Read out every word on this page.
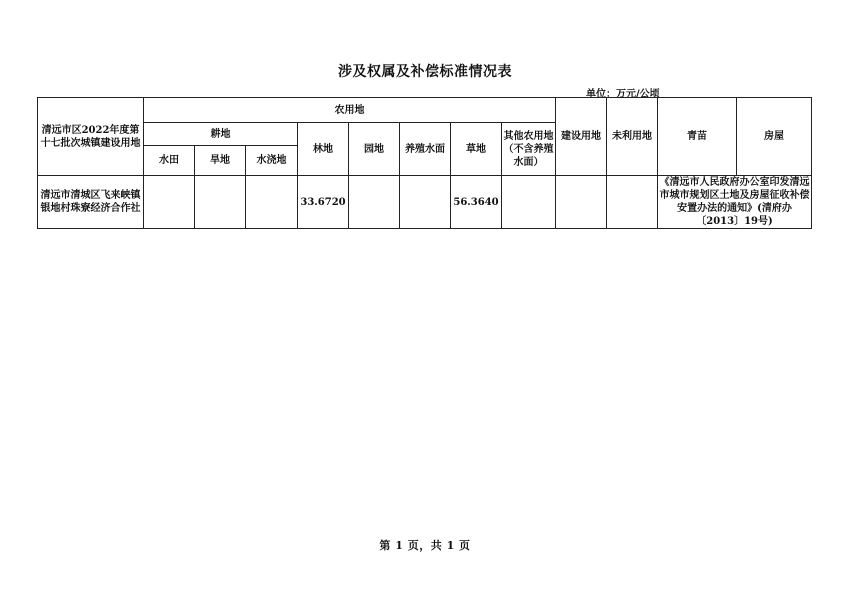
涉及权属及补偿标准情况表
单位：万元/公顷
清远市区2022年度第十七批次城镇建设用地	农用地								建设用地	未利用地	青苗	房屋
	耕地			林地	园地	养殖水面	草地	其他农用地（不含养殖水面）				
	水田	旱地	水浇地									
清远市清城区飞来峡镇银地村珠寮经济合作社				33.6720			56.3640				《清远市人民政府办公室印发清远市城市规划区土地及房屋征收补偿安置办法的通知》(清府办〔2013〕19号)	
第 1 页，共 1 页
